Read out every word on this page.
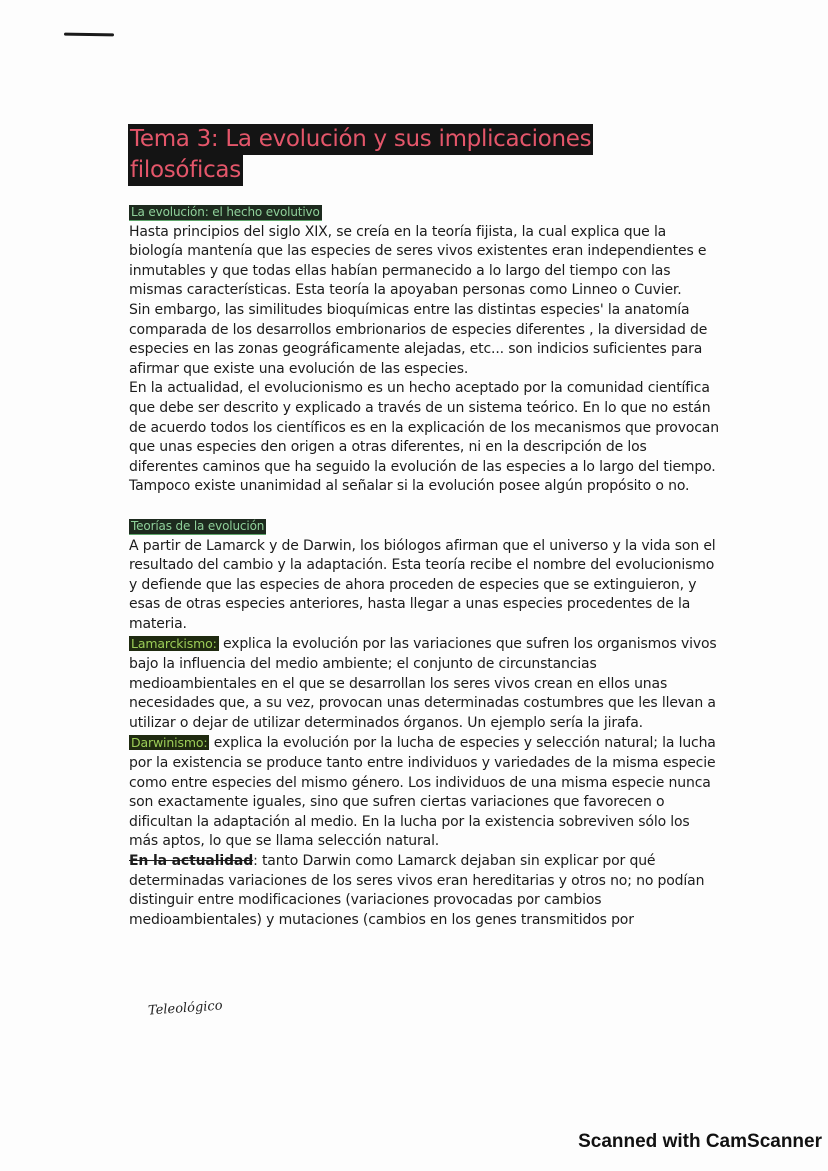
Tema 3: La evolución y sus implicaciones
filosóficas
La evolución: el hecho evolutivo

Hasta principios del siglo XIX, se creía en la teoría fijista, la cual explica que la biología mantenía que las especies de seres vivos existentes eran independientes e inmutables y que todas ellas habían permanecido a lo largo del tiempo con las mismas características. Esta teoría la apoyaban personas como Linneo o Cuvier.

Sin embargo, las similitudes bioquímicas entre las distintas especies' la anatomía comparada de los desarrollos embrionarios de especies diferentes , la diversidad de especies en las zonas geográficamente alejadas, etc... son indicios suficientes para afirmar que existe una evolución de las especies.

En la actualidad, el evolucionismo es un hecho aceptado por la comunidad científica que debe ser descrito y explicado a través de un sistema teórico. En lo que no están de acuerdo todos los científicos es en la explicación de los mecanismos que provocan que unas especies den origen a otras diferentes, ni en la descripción de los diferentes caminos que ha seguido la evolución de las especies a lo largo del tiempo. Tampoco existe unanimidad al señalar si la evolución posee algún propósito o no.

Teorías de la evolución

A partir de Lamarck y de Darwin, los biólogos afirman que el universo y la vida son el resultado del cambio y la adaptación. Esta teoría recibe el nombre del evolucionismo y defiende que las especies de ahora proceden de especies que se extinguieron, y esas de otras especies anteriores, hasta llegar a unas especies procedentes de la materia.

Lamarckismo: explica la evolución por las variaciones que sufren los organismos vivos bajo la influencia del medio ambiente; el conjunto de circunstancias medioambientales en el que se desarrollan los seres vivos crean en ellos unas necesidades que, a su vez, provocan unas determinadas costumbres que les llevan a utilizar o dejar de utilizar determinados órganos. Un ejemplo sería la jirafa.

Darwinismo: explica la evolución por la lucha de especies y selección natural; la lucha por la existencia se produce tanto entre individuos y variedades de la misma especie como entre especies del mismo género. Los individuos de una misma especie nunca son exactamente iguales, sino que sufren ciertas variaciones que favorecen o dificultan la adaptación al medio. En la lucha por la existencia sobreviven sólo los más aptos, lo que se llama selección natural.

En la actualidad: tanto Darwin como Lamarck dejaban sin explicar por qué determinadas variaciones de los seres vivos eran hereditarias y otros no; no podían distinguir entre modificaciones (variaciones provocadas por cambios medioambientales) y mutaciones (cambios en los genes transmitidos por

Teleológico
Scanned with CamScanner
